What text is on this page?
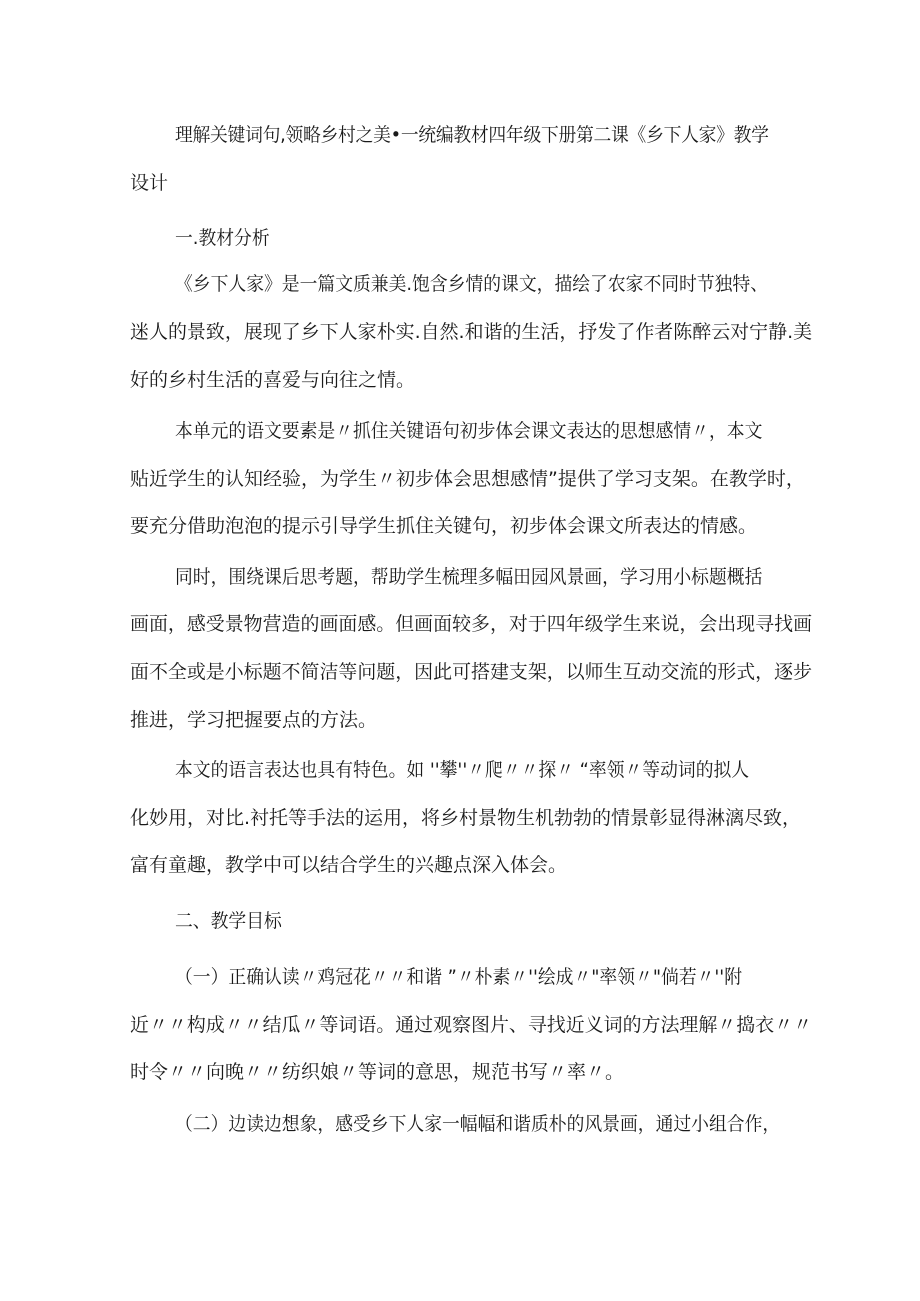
理解关键词句,领略乡村之美•一统编教材四年级下册第二课《乡下人家》教学
设计
一.教材分析
《乡下人家》是一篇文质兼美.饱含乡情的课文，描绘了农家不同时节独特、
迷人的景致，展现了乡下人家朴实.自然.和谐的生活，抒发了作者陈醉云对宁静.美
好的乡村生活的喜爱与向往之情。
本单元的语文要素是〃抓住关键语句初步体会课文表达的思想感情〃，本文
贴近学生的认知经验，为学生〃初步体会思想感情”提供了学习支架。在教学时，
要充分借助泡泡的提示引导学生抓住关键句，初步体会课文所表达的情感。
同时，围绕课后思考题，帮助学生梳理多幅田园风景画，学习用小标题概括
画面，感受景物营造的画面感。但画面较多，对于四年级学生来说，会出现寻找画
面不全或是小标题不简洁等问题，因此可搭建支架，以师生互动交流的形式，逐步
推进，学习把握要点的方法。
本文的语言表达也具有特色。如 ''攀''〃爬〃〃探〃 “率领〃等动词的拟人
化妙用，对比.衬托等手法的运用，将乡村景物生机勃勃的情景彰显得淋漓尽致，
富有童趣，教学中可以结合学生的兴趣点深入体会。
二、教学目标
（一）正确认读〃鸡冠花〃〃和谐 ”〃朴素〃''绘成〃"率领〃"倘若〃''附
近〃〃构成〃〃结瓜〃等词语。通过观察图片、寻找近义词的方法理解〃捣衣〃〃
时令〃〃向晚〃〃纺织娘〃等词的意思，规范书写〃率〃。
（二）边读边想象，感受乡下人家一幅幅和谐质朴的风景画，通过小组合作，
